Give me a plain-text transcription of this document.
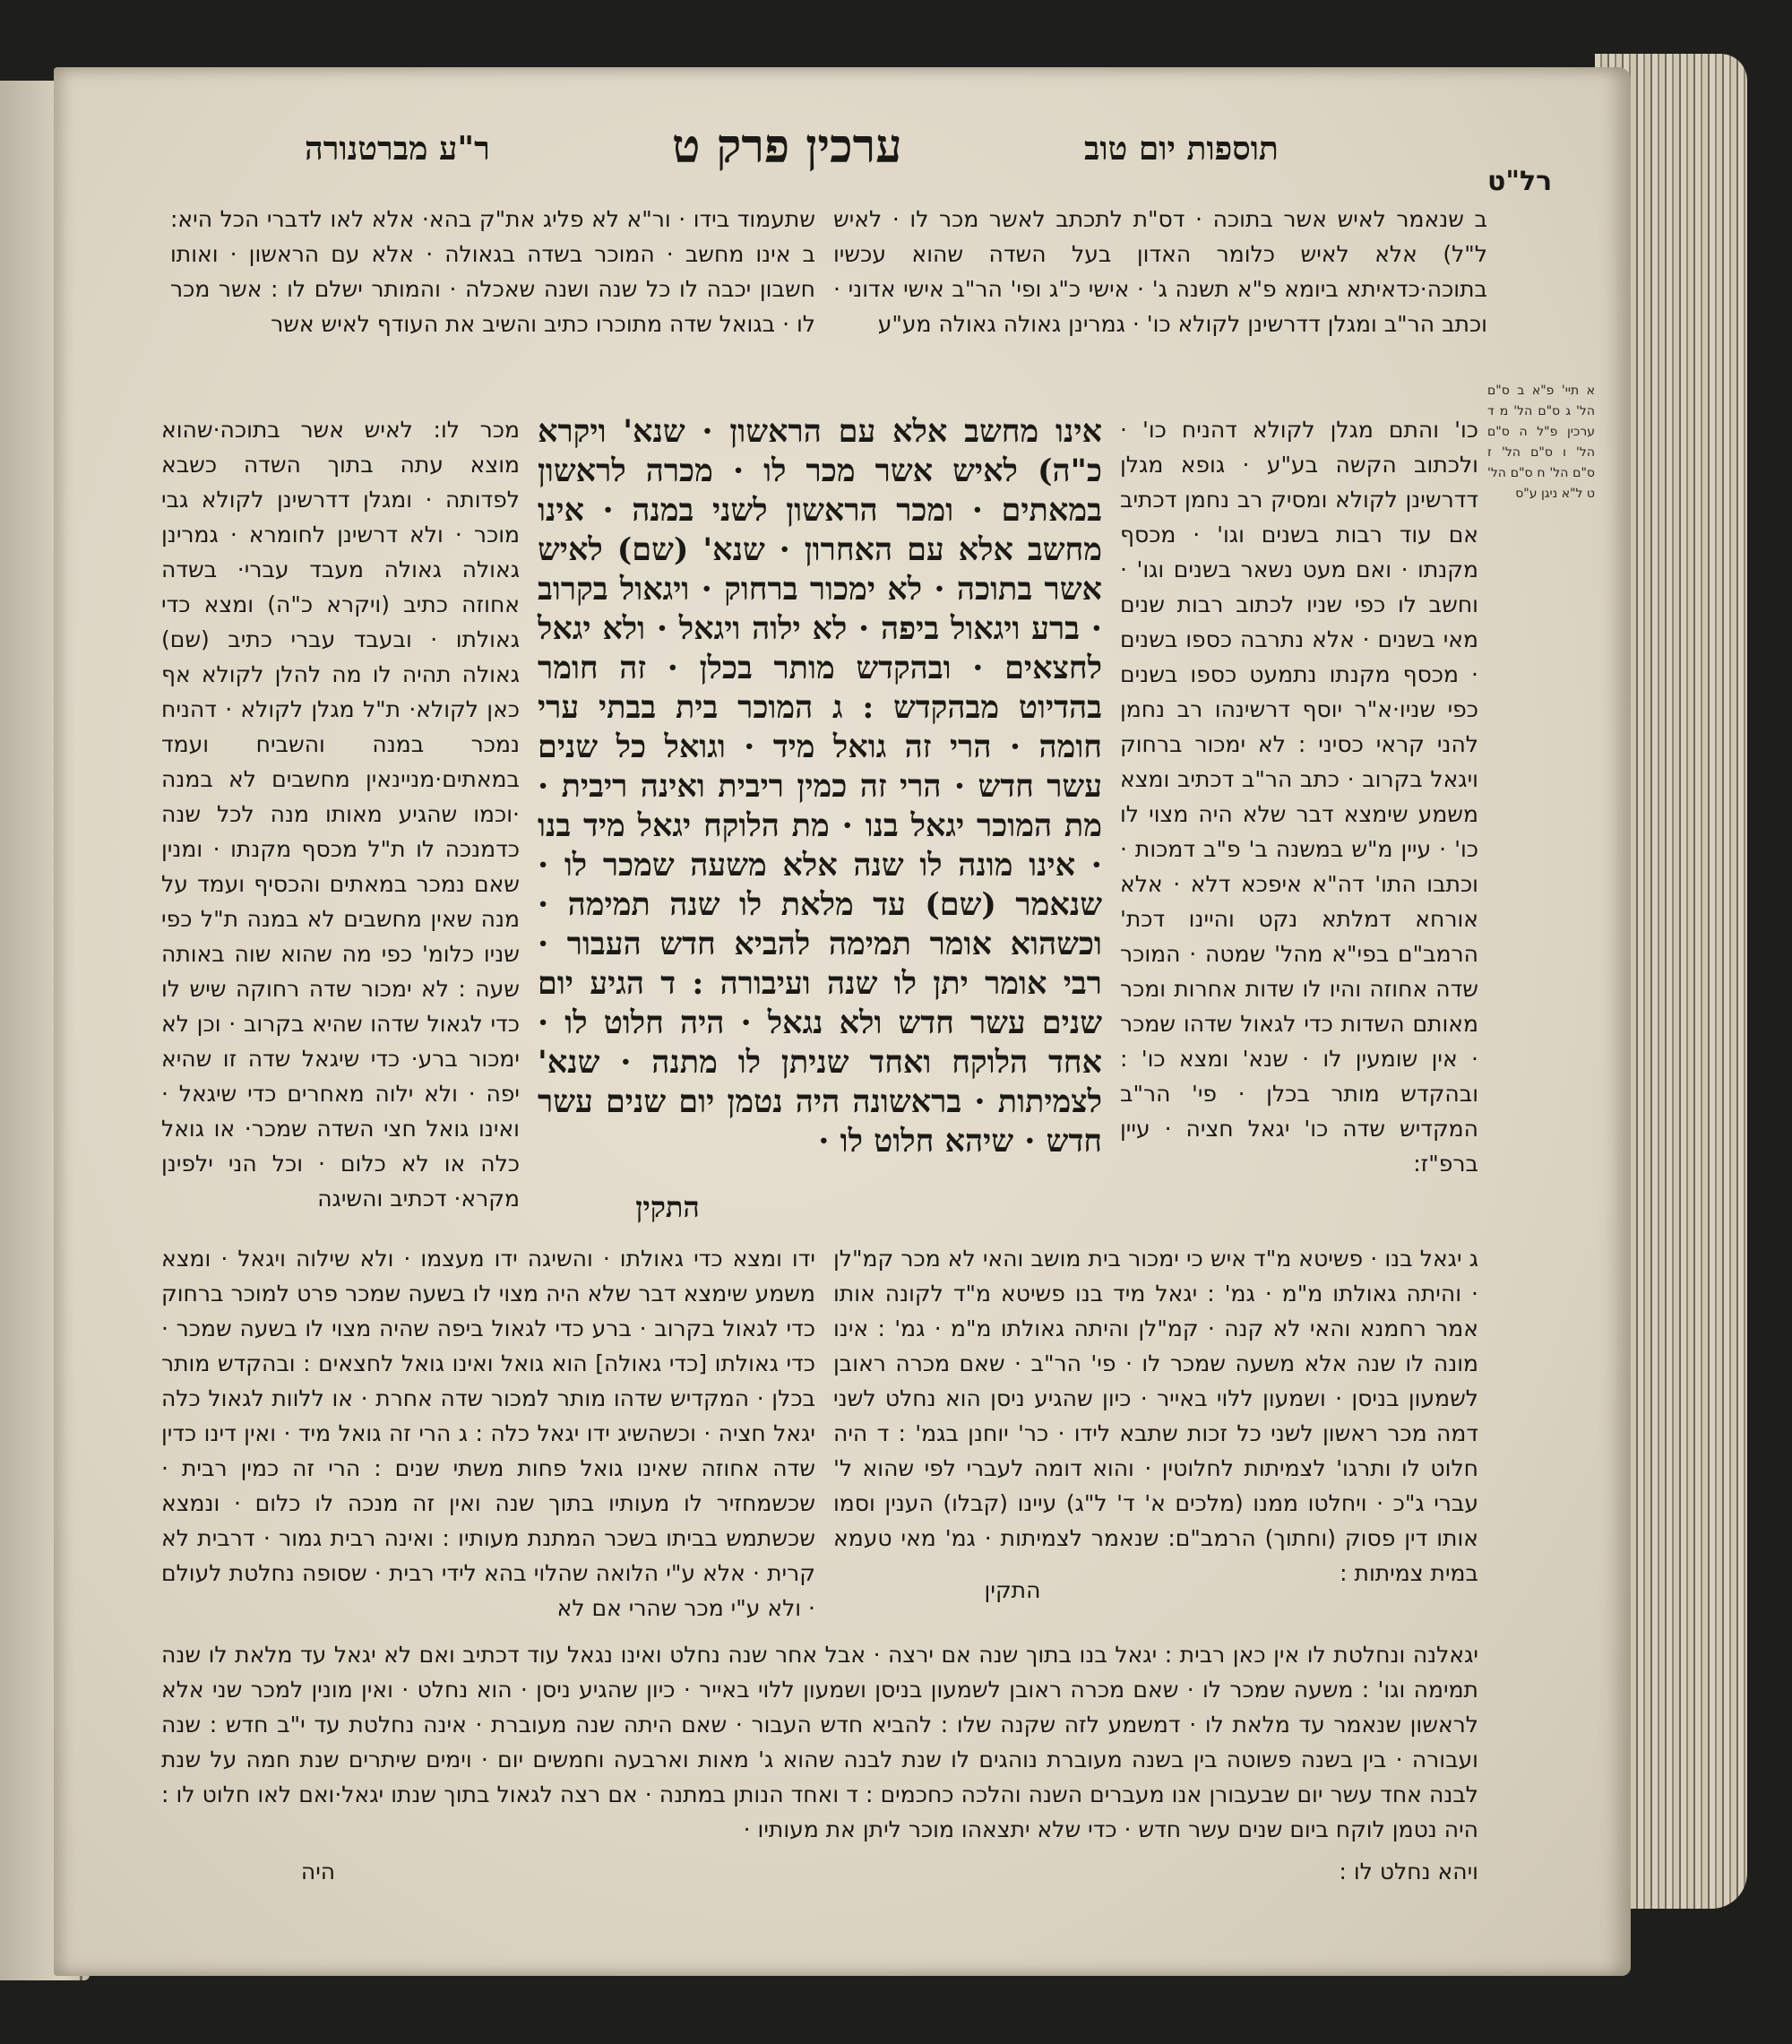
ר"ע מברטנורה	ערכין פרק ט	תוספות יום טוב
רל"ט
ב שנאמר לאיש אשר בתוכה · דס"ת לתכתב לאשר מכר לו · לאיש ל"ל) אלא לאיש כלומר האדון בעל השדה שהוא עכשיו בתוכה·כדאיתא ביומא פ"א תשנה ג' · אישי כ"ג ופי' הר"ב אישי אדוני · וכתב הר"ב ומגלן דדרשינן לקולא כו' · גמרינן גאולה גאולה מע"ע
שתעמוד בידו · ור"א לא פליג את"ק בהא· אלא לאו לדברי הכל היא: ב אינו מחשב · המוכר בשדה בגאולה · אלא עם הראשון · ואותו חשבון יכבה לו כל שנה ושנה שאכלה · והמותר ישלם לו : אשר מכר לו · בגואל שדה מתוכרו כתיב והשיב את העודף לאיש אשר
א תיי' פ"א ב ס"ם הל' ג ס"ם הל' מ ד ערכין פ"ל ה ס"ם הל' ו ס"ם הל' ז ס"ם הל' ח ס"ם הל' ט ל"א ניגן ע"ס
כו' והתם מגלן לקולא דהניח כו' · ולכתוב הקשה בע"ע · גופא מגלן דדרשינן לקולא ומסיק רב נחמן דכתיב אם עוד רבות בשנים וגו' · מכסף מקנתו · ואם מעט נשאר בשנים וגו' · וחשב לו כפי שניו לכתוב רבות שנים מאי בשנים · אלא נתרבה כספו בשנים · מכסף מקנתו נתמעט כספו בשנים כפי שניו·א"ר יוסף דרשינהו רב נחמן להני קראי כסיני : לא ימכור ברחוק ויגאל בקרוב · כתב הר"ב דכתיב ומצא משמע שימצא דבר שלא היה מצוי לו כו' · עיין מ"ש במשנה ב' פ"ב דמכות · וכתבו התו' דה"א איפכא דלא · אלא אורחא דמלתא נקט והיינו דכת' הרמב"ם בפי"א מהל' שמטה · המוכר שדה אחוזה והיו לו שדות אחרות ומכר מאותם השדות כדי לגאול שדהו שמכר · אין שומעין לו · שנא' ומצא כו' : ובהקדש מותר בכלן · פי' הר"ב המקדיש שדה כו' יגאל חציה · עיין ברפ"ז:
אינו מחשב אלא עם הראשון · שנא' ויקרא כ"ה) לאיש אשר מכר לו · מכרה לראשון במאתים · ומכר הראשון לשני במנה · אינו מחשב אלא עם האחרון · שנא' (שם) לאיש אשר בתוכה · לא ימכור ברחוק · ויגאול בקרוב · ברע ויגאול ביפה · לא ילוה ויגאל · ולא יגאל לחצאים · ובהקדש מותר בכלן · זה חומר בהדיוט מבהקדש : ג המוכר בית בבתי ערי חומה · הרי זה גואל מיד · וגואל כל שנים עשר חדש · הרי זה כמין ריבית ואינה ריבית · מת המוכר יגאל בנו · מת הלוקח יגאל מיד בנו · אינו מונה לו שנה אלא משעה שמכר לו · שנאמר (שם) עד מלאת לו שנה תמימה · וכשהוא אומר תמימה להביא חדש העבור · רבי אומר יתן לו שנה ועיבורה : ד הגיע יום שנים עשר חדש ולא נגאל · היה חלוט לו · אחד הלוקח ואחד שניתן לו מתנה · שנא' לצמיתות · בראשונה היה נטמן יום שנים עשר חדש · שיהא חלוט לו ·
התקין
מכר לו: לאיש אשר בתוכה·שהוא מוצא עתה בתוך השדה כשבא לפדותה · ומגלן דדרשינן לקולא גבי מוכר · ולא דרשינן לחומרא · גמרינן גאולה גאולה מעבד עברי· בשדה אחוזה כתיב (ויקרא כ"ה) ומצא כדי גאולתו · ובעבד עברי כתיב (שם) גאולה תהיה לו מה להלן לקולא אף כאן לקולא· ת"ל מגלן לקולא · דהניח נמכר במנה והשביח ועמד במאתים·מניינאין מחשבים לא במנה ·וכמו שהגיע מאותו מנה לכל שנה כדמנכה לו ת"ל מכסף מקנתו · ומנין שאם נמכר במאתים והכסיף ועמד על מנה שאין מחשבים לא במנה ת"ל כפי שניו כלומ' כפי מה שהוא שוה באותה שעה : לא ימכור שדה רחוקה שיש לו כדי לגאול שדהו שהיא בקרוב · וכן לא ימכור ברע· כדי שיגאל שדה זו שהיא יפה · ולא ילוה מאחרים כדי שיגאל · ואינו גואל חצי השדה שמכר· או גואל כלה או לא כלום · וכל הני ילפינן מקרא· דכתיב והשיגה
ג יגאל בנו · פשיטא מ"ד איש כי ימכור בית מושב והאי לא מכר קמ"לן · והיתה גאולתו מ"מ · גמ' : יגאל מיד בנו פשיטא מ"ד לקונה אותו אמר רחמנא והאי לא קנה · קמ"לן והיתה גאולתו מ"מ · גמ' : אינו מונה לו שנה אלא משעה שמכר לו · פי' הר"ב · שאם מכרה ראובן לשמעון בניסן · ושמעון ללוי באייר · כיון שהגיע ניסן הוא נחלט לשני דמה מכר ראשון לשני כל זכות שתבא לידו · כר' יוחנן בגמ' : ד היה חלוט לו ותרגו' לצמיתות לחלוטין · והוא דומה לעברי לפי שהוא ל' עברי ג"כ · ויחלטו ממנו (מלכים א' ד' ל"ג) עיינו (קבלו) הענין וסמו אותו דין פסוק (וחתוך) הרמב"ם: שנאמר לצמיתות · גמ' מאי טעמא במית צמיתות :
התקין
ידו ומצא כדי גאולתו · והשיגה ידו מעצמו · ולא שילוה ויגאל · ומצא משמע שימצא דבר שלא היה מצוי לו בשעה שמכר פרט למוכר ברחוק כדי לגאול בקרוב · ברע כדי לגאול ביפה שהיה מצוי לו בשעה שמכר · כדי גאולתו [כדי גאולה] הוא גואל ואינו גואל לחצאים : ובהקדש מותר בכלן · המקדיש שדהו מותר למכור שדה אחרת · או ללוות לגאול כלה יגאל חציה · וכשהשיג ידו יגאל כלה : ג הרי זה גואל מיד · ואין דינו כדין שדה אחוזה שאינו גואל פחות משתי שנים : הרי זה כמין רבית · שכשמחזיר לו מעותיו בתוך שנה ואין זה מנכה לו כלום · ונמצא שכשתמש בביתו בשכר המתנת מעותיו : ואינה רבית גמור · דרבית לא קרית · אלא ע"י הלואה שהלוי בהא לידי רבית · שסופה נחלטת לעולם · ולא ע"י מכר שהרי אם לא
יגאלנה ונחלטת לו אין כאן רבית : יגאל בנו בתוך שנה אם ירצה · אבל אחר שנה נחלט ואינו נגאל עוד דכתיב ואם לא יגאל עד מלאת לו שנה תמימה וגו' : משעה שמכר לו · שאם מכרה ראובן לשמעון בניסן ושמעון ללוי באייר · כיון שהגיע ניסן · הוא נחלט · ואין מונין למכר שני אלא לראשון שנאמר עד מלאת לו · דמשמע לזה שקנה שלו : להביא חדש העבור · שאם היתה שנה מעוברת · אינה נחלטת עד י"ב חדש : שנה ועבורה · בין בשנה פשוטה בין בשנה מעוברת נוהגים לו שנת לבנה שהוא ג' מאות וארבעה וחמשים יום · וימים שיתרים שנת חמה על שנת לבנה אחד עשר יום שבעבורן אנו מעברים השנה והלכה כחכמים : ד ואחד הנותן במתנה · אם רצה לגאול בתוך שנתו יגאל·ואם לאו חלוט לו : היה נטמן לוקח ביום שנים עשר חדש · כדי שלא יתצאהו מוכר ליתן את מעותיו ·
ויהא נחלט לו :
היה
